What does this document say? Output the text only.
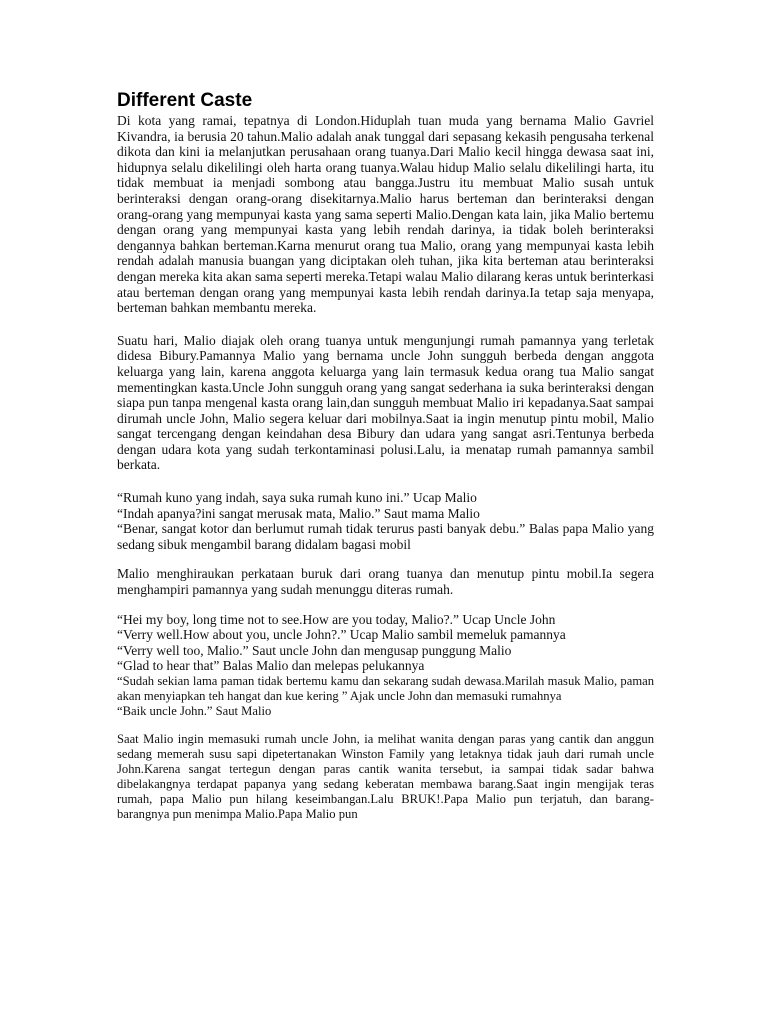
Different Caste

Di kota yang ramai, tepatnya di London.Hiduplah tuan muda yang bernama Malio Gavriel Kivandra, ia berusia 20 tahun.Malio adalah anak tunggal dari sepasang kekasih pengusaha terkenal dikota dan kini ia melanjutkan perusahaan orang tuanya.Dari Malio kecil hingga dewasa saat ini, hidupnya selalu dikelilingi oleh harta orang tuanya.Walau hidup Malio selalu dikelilingi harta, itu tidak membuat ia menjadi sombong atau bangga.Justru itu membuat Malio susah untuk berinteraksi dengan orang-orang disekitarnya.Malio harus berteman dan berinteraksi dengan orang-orang yang mempunyai kasta yang sama seperti Malio.Dengan kata lain, jika Malio bertemu dengan orang yang mempunyai kasta yang lebih rendah darinya, ia tidak boleh berinteraksi dengannya bahkan berteman.Karna menurut orang tua Malio, orang yang mempunyai kasta lebih rendah adalah manusia buangan yang diciptakan oleh tuhan, jika kita berteman atau berinteraksi dengan mereka kita akan sama seperti mereka.Tetapi walau Malio dilarang keras untuk berinterkasi atau berteman dengan orang yang mempunyai kasta lebih rendah darinya.Ia tetap saja menyapa, berteman bahkan membantu mereka.

Suatu hari, Malio diajak oleh orang tuanya untuk mengunjungi rumah pamannya yang terletak didesa Bibury.Pamannya Malio yang bernama uncle John sungguh berbeda dengan anggota keluarga yang lain, karena anggota keluarga yang lain termasuk kedua orang tua Malio sangat mementingkan kasta.Uncle John sungguh orang yang sangat sederhana ia suka berinteraksi dengan siapa pun tanpa mengenal kasta orang lain,dan sungguh membuat Malio iri kepadanya.Saat sampai dirumah uncle John, Malio segera keluar dari mobilnya.Saat ia ingin menutup pintu mobil, Malio sangat tercengang dengan keindahan desa Bibury dan udara yang sangat asri.Tentunya berbeda dengan udara kota yang sudah terkontaminasi polusi.Lalu, ia menatap rumah pamannya sambil berkata.

“Rumah kuno yang indah, saya suka rumah kuno ini.” Ucap Malio

“Indah apanya?ini sangat merusak mata, Malio.” Saut mama Malio

“Benar, sangat kotor dan berlumut rumah tidak terurus pasti banyak debu.” Balas papa Malio yang sedang sibuk mengambil barang didalam bagasi mobil

Malio menghiraukan perkataan buruk dari orang tuanya dan menutup pintu mobil.Ia segera menghampiri pamannya yang sudah menunggu diteras rumah.

“Hei my boy, long time not to see.How are you today, Malio?.” Ucap Uncle John

“Verry well.How about you, uncle John?.” Ucap Malio sambil memeluk pamannya

“Verry well too, Malio.” Saut uncle John dan mengusap punggung Malio

“Glad to hear that” Balas Malio dan melepas pelukannya

“Sudah sekian lama paman tidak bertemu kamu dan sekarang sudah dewasa.Marilah masuk Malio, paman akan menyiapkan teh hangat dan kue kering ” Ajak uncle John dan memasuki rumahnya

“Baik uncle John.” Saut Malio

Saat Malio ingin memasuki rumah uncle John, ia melihat wanita dengan paras yang cantik dan anggun sedang memerah susu sapi dipetertanakan Winston Family yang letaknya tidak jauh dari rumah uncle John.Karena sangat tertegun dengan paras cantik wanita tersebut, ia sampai tidak sadar bahwa dibelakangnya terdapat papanya yang sedang keberatan membawa barang.Saat ingin mengijak teras rumah, papa Malio pun hilang keseimbangan.Lalu BRUK!.Papa Malio pun terjatuh, dan barang-barangnya pun menimpa Malio.Papa Malio pun
